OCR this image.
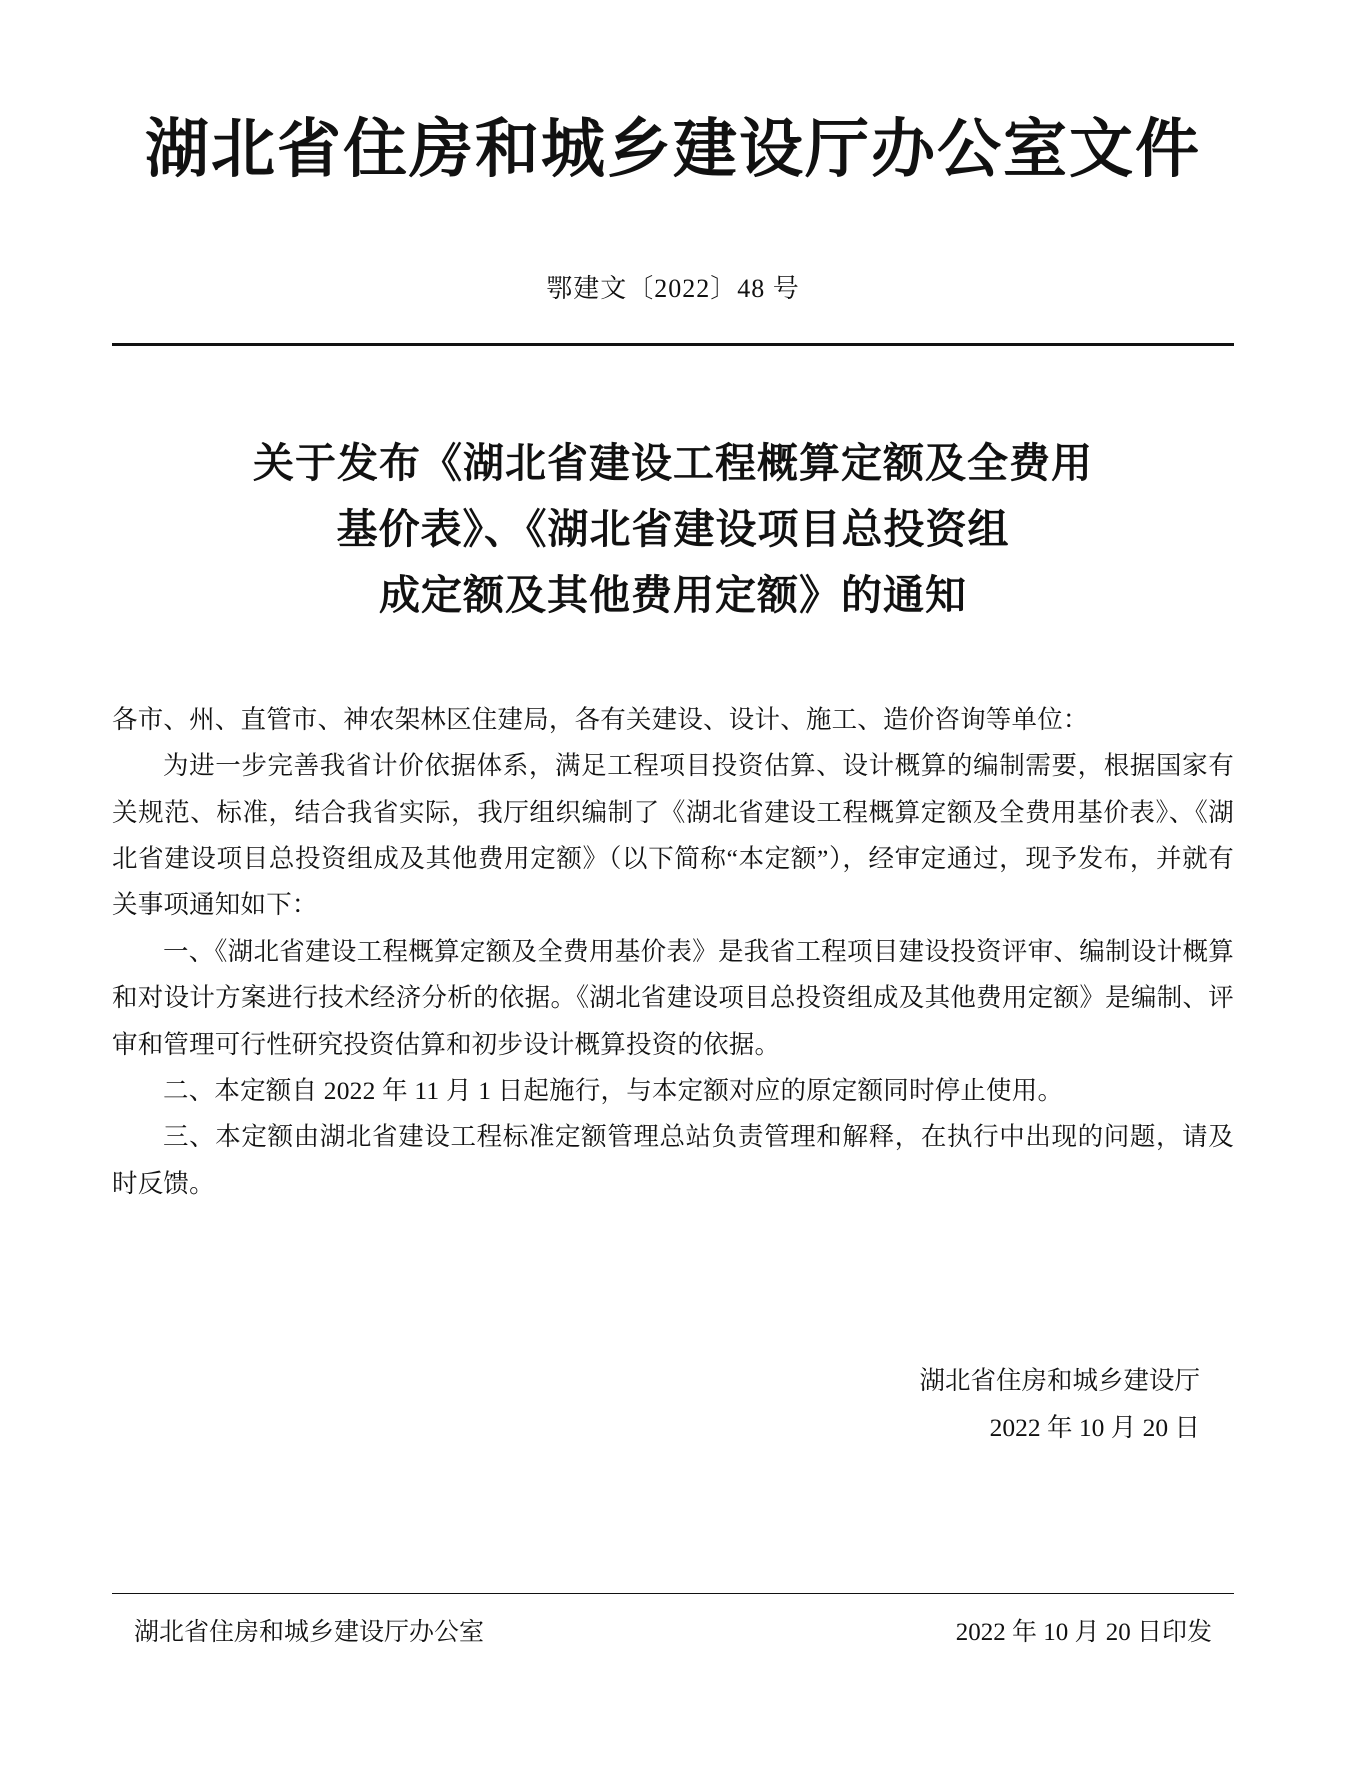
湖北省住房和城乡建设厅办公室文件
鄂建文〔2022〕48 号
关于发布《湖北省建设工程概算定额及全费用
基价表》、《湖北省建设项目总投资组
成定额及其他费用定额》的通知

各市、州、直管市、神农架林区住建局，各有关建设、设计、施工、造价咨询等单位：

为进一步完善我省计价依据体系，满足工程项目投资估算、设计概算的编制需要，根据国家有关规范、标准，结合我省实际，我厅组织编制了《湖北省建设工程概算定额及全费用基价表》、《湖北省建设项目总投资组成及其他费用定额》（以下简称“本定额”），经审定通过，现予发布，并就有关事项通知如下：

一、《湖北省建设工程概算定额及全费用基价表》是我省工程项目建设投资评审、编制设计概算和对设计方案进行技术经济分析的依据。《湖北省建设项目总投资组成及其他费用定额》是编制、评审和管理可行性研究投资估算和初步设计概算投资的依据。

二、本定额自 2022 年 11 月 1 日起施行，与本定额对应的原定额同时停止使用。

三、本定额由湖北省建设工程标准定额管理总站负责管理和解释，在执行中出现的问题，请及时反馈。

湖北省住房和城乡建设厅
2022 年 10 月 20 日
湖北省住房和城乡建设厅办公室	2022 年 10 月 20 日印发
